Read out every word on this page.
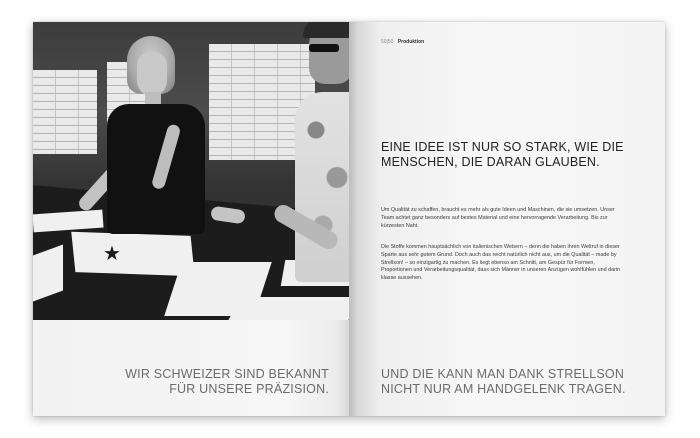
★
WIR SCHWEIZER SIND BEKANNT
FÜR UNSERE PRÄZISION.
50|50 Produktion
EINE IDEE IST NUR SO STARK, WIE DIE
MENSCHEN, DIE DARAN GLAUBEN.
Um Qualität zu schaffen, braucht es mehr als gute Ideen und Maschinen, die sie umsetzen. Unser Team achtet ganz besonders auf bestes Material und eine hervorragende Verarbeitung. Bis zur kürzesten Naht.
Die Stoffe kommen hauptsächlich von italienischen Webern – denn die haben ihren Weltruf in dieser Sparte aus sehr gutem Grund. Doch auch das reicht natürlich nicht aus, um die Qualität – made by Strellson! – so einzigartig zu machen. Es liegt ebenso am Schnitt, am Gespür für Formen, Proportionen und Verarbeitungsqualität, dass sich Männer in unseren Anzügen wohlfühlen und darin klasse aussehen.
UND DIE KANN MAN DANK STRELLSON
NICHT NUR AM HANDGELENK TRAGEN.
